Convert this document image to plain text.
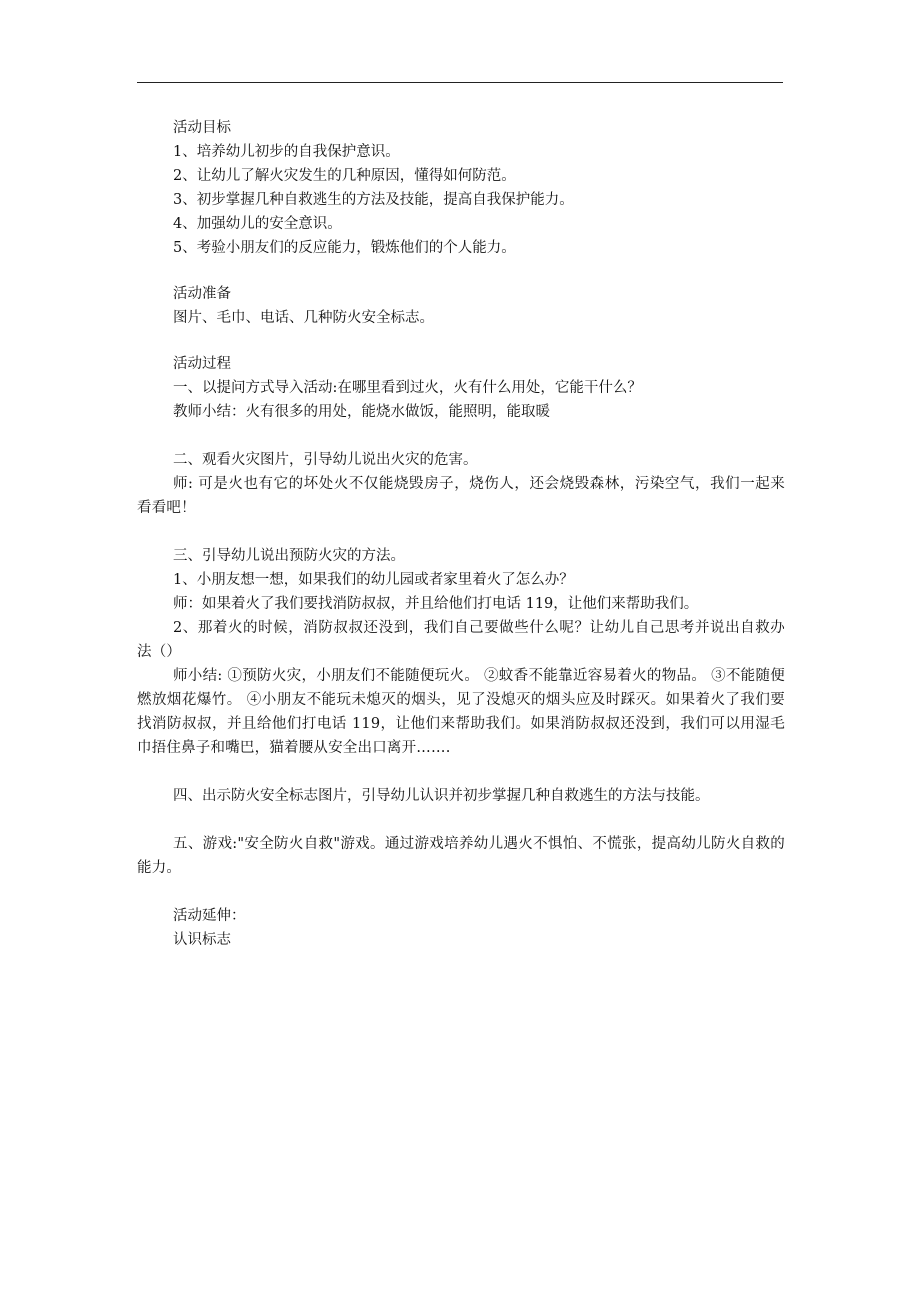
活动目标
1、培养幼儿初步的自我保护意识。
2、让幼儿了解火灾发生的几种原因，懂得如何防范。
3、初步掌握几种自救逃生的方法及技能，提高自我保护能力。
4、加强幼儿的安全意识。
5、考验小朋友们的反应能力，锻炼他们的个人能力。
活动准备
图片、毛巾、电话、几种防火安全标志。
活动过程
一、以提问方式导入活动:在哪里看到过火，火有什么用处，它能干什么？
教师小结：火有很多的用处，能烧水做饭，能照明，能取暖
二、观看火灾图片，引导幼儿说出火灾的危害。
师: 可是火也有它的坏处火不仅能烧毁房子，烧伤人，还会烧毁森林，污染空气，我们一起来看看吧！
三、引导幼儿说出预防火灾的方法。
1、小朋友想一想，如果我们的幼儿园或者家里着火了怎么办？
师：如果着火了我们要找消防叔叔，并且给他们打电话 119，让他们来帮助我们。
2、那着火的时候，消防叔叔还没到，我们自己要做些什么呢？让幼儿自己思考并说出自救办法（）
师小结: ①预防火灾，小朋友们不能随便玩火。 ②蚊香不能靠近容易着火的物品。 ③不能随便燃放烟花爆竹。 ④小朋友不能玩未熄灭的烟头，见了没熄灭的烟头应及时踩灭。如果着火了我们要找消防叔叔，并且给他们打电话 119，让他们来帮助我们。如果消防叔叔还没到，我们可以用湿毛巾捂住鼻子和嘴巴，猫着腰从安全出口离开…….
四、出示防火安全标志图片，引导幼儿认识并初步掌握几种自救逃生的方法与技能。
五、游戏:"安全防火自救"游戏。通过游戏培养幼儿遇火不惧怕、不慌张，提高幼儿防火自救的能力。
活动延伸：
认识标志
